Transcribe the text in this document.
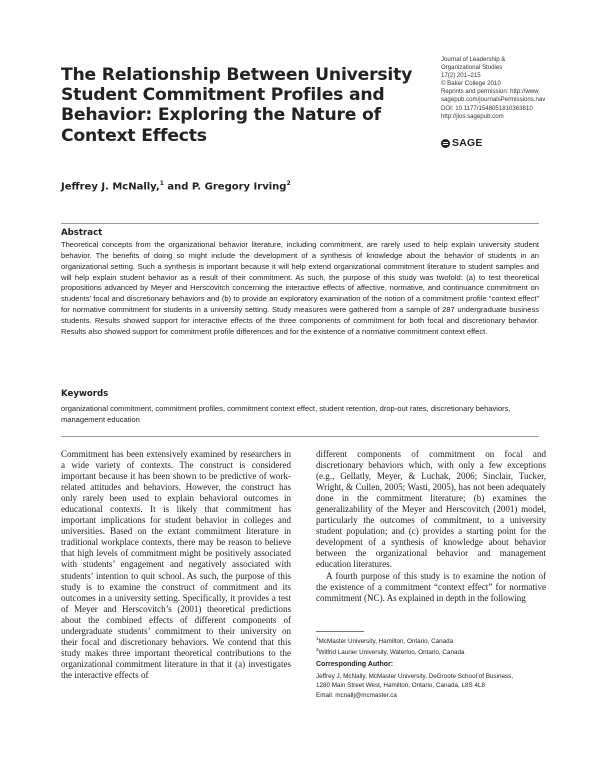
The Relationship Between University Student Commitment Profiles and Behavior: Exploring the Nature of Context Effects
Journal of Leadership &
Organizational Studies
17(2) 201–215
© Baker College 2010
Reprints and permission: http://www.
sagepub.com/journalsPermissions.nav
DOI: 10.1177/1548051810363810
http://jlos.sagepub.com
SAGE
Jeffrey J. McNally,$^1$ and P. Gregory Irving$^2$
Abstract
Theoretical concepts from the organizational behavior literature, including commitment, are rarely used to help explain university student behavior. The benefits of doing so might include the development of a synthesis of knowledge about the behavior of students in an organizational setting. Such a synthesis is important because it will help extend organizational commitment literature to student samples and will help explain student behavior as a result of their commitment. As such, the purpose of this study was twofold: (a) to test theoretical propositions advanced by Meyer and Herscovitch concerning the interactive effects of affective, normative, and continuance commitment on students’ focal and discretionary behaviors and (b) to provide an exploratory examination of the notion of a commitment profile “context effect” for normative commitment for students in a university setting. Study measures were gathered from a sample of 287 undergraduate business students. Results showed support for interactive effects of the three components of commitment for both focal and discretionary behavior. Results also showed support for commitment profile differences and for the existence of a normative commitment context effect.
Keywords
organizational commitment, commitment profiles, commitment context effect, student retention, drop-out rates, discretionary behaviors, management education

Commitment has been extensively examined by researchers in a wide variety of contexts. The construct is considered important because it has been shown to be predictive of work-related attitudes and behaviors. However, the construct has only rarely been used to explain behavioral outcomes in educational contexts. It is likely that commitment has important implications for student behavior in colleges and universities. Based on the extant commitment literature in traditional workplace contexts, there may be reason to believe that high levels of commitment might be positively associated with students’ engagement and negatively associated with students’ intention to quit school. As such, the purpose of this study is to examine the construct of commitment and its outcomes in a university setting. Specifically, it provides a test of Meyer and Herscovitch’s (2001) theoretical predictions about the combined effects of different components of undergraduate students’ commitment to their university on their focal and discretionary behaviors. We contend that this study makes three important theoretical contributions to the organizational commitment literature in that it (a) investigates the interactive effects of

different components of commitment on focal and discretionary behaviors which, with only a few exceptions (e.g., Gellatly, Meyer, & Luchak, 2006; Sinclair, Tucker, Wright, & Cullen, 2005; Wasti, 2005), has not been adequately done in the commitment literature; (b) examines the generalizability of the Meyer and Herscovitch (2001) model, particularly the outcomes of commitment, to a university student population; and (c) provides a starting point for the development of a synthesis of knowledge about behavior between the organizational behavior and management education literatures.

A fourth purpose of this study is to examine the notion of the existence of a commitment “context effect” for normative commitment (NC). As explained in depth in the following

$^1$McMaster University, Hamilton, Ontario, Canada
$^2$Wilfrid Laurier University, Waterloo, Ontario, Canada
Corresponding Author:
Jeffrey J. McNally, McMaster University, DeGroote School of Business,
1280 Main Street West, Hamilton, Ontario, Canada, L8S 4L8
Email: mcnallj@mcmaster.ca
